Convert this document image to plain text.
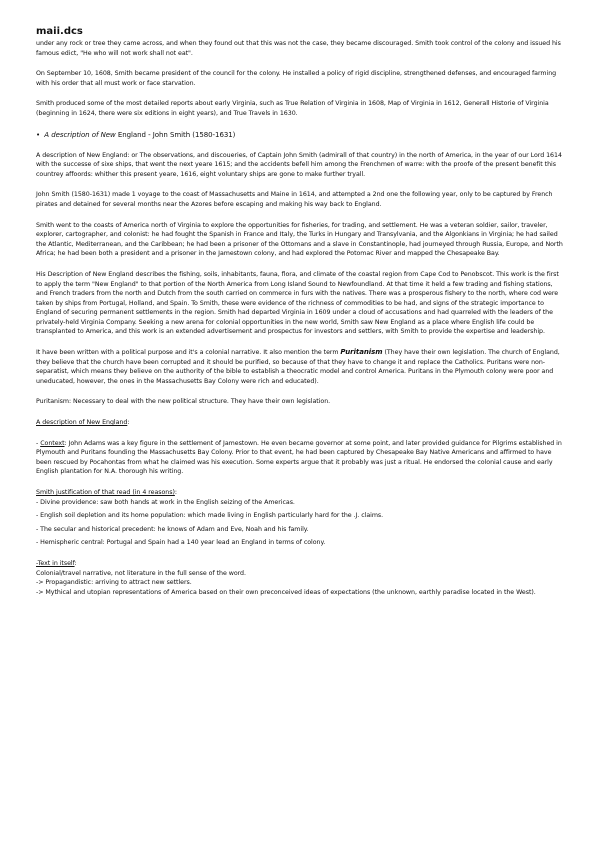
maii.dcs

under any rock or tree they came across, and when they found out that this was not the case, they became discouraged. Smith took control of the colony and issued his famous edict, "He who will not work shall not eat".

On September 10, 1608, Smith became president of the council for the colony. He installed a policy of rigid discipline, strengthened defenses, and encouraged farming with his order that all must work or face starvation.

Smith produced some of the most detailed reports about early Virginia, such as True Relation of Virginia in 1608, Map of Virginia in 1612, Generall Historie of Virginia (beginning in 1624, there were six editions in eight years), and True Travels in 1630.

• A description of New England - John Smith (1580-1631)

A description of New England: or The observations, and discoueries, of Captain John Smith (admirall of that country) in the north of America, in the year of our Lord 1614 with the successe of sixe ships, that went the next yeare 1615; and the accidents befell him among the Frenchmen of warre: with the proofe of the present benefit this countrey affoords: whither this present yeare, 1616, eight voluntary ships are gone to make further tryall.

John Smith (1580-1631) made 1 voyage to the coast of Massachusetts and Maine in 1614, and attempted a 2nd one the following year, only to be captured by French pirates and detained for several months near the Azores before escaping and making his way back to England.

Smith went to the coasts of America north of Virginia to explore the opportunities for fisheries, for trading, and settlement. He was a veteran soldier, sailor, traveler, explorer, cartographer, and colonist: he had fought the Spanish in France and Italy, the Turks in Hungary and Transylvania, and the Algonkians in Virginia; he had sailed the Atlantic, Mediterranean, and the Caribbean; he had been a prisoner of the Ottomans and a slave in Constantinople, had journeyed through Russia, Europe, and North Africa; he had been both a president and a prisoner in the Jamestown colony, and had explored the Potomac River and mapped the Chesapeake Bay.

His Description of New England describes the fishing, soils, inhabitants, fauna, flora, and climate of the coastal region from Cape Cod to Penobscot. This work is the first to apply the term "New England" to that portion of the North America from Long Island Sound to Newfoundland. At that time it held a few trading and fishing stations, and French traders from the north and Dutch from the south carried on commerce in furs with the natives. There was a prosperous fishery to the north, where cod were taken by ships from Portugal, Holland, and Spain. To Smith, these were evidence of the richness of commodities to be had, and signs of the strategic importance to England of securing permanent settlements in the region. Smith had departed Virginia in 1609 under a cloud of accusations and had quarreled with the leaders of the privately-held Virginia Company. Seeking a new arena for colonial opportunities in the new world, Smith saw New England as a place where English life could be transplanted to America, and this work is an extended advertisement and prospectus for investors and settlers, with Smith to provide the expertise and leadership.

It have been written with a political purpose and it's a colonial narrative. It also mention the term Puritanism (They have their own legislation. The church of England, they believe that the church have been corrupted and it should be purified, so because of that they have to change it and replace the Catholics. Puritans were non-separatist, which means they believe on the authority of the bible to establish a theocratic model and control America. Puritans in the Plymouth colony were poor and uneducated, however, the ones in the Massachusetts Bay Colony were rich and educated).

Puritanism: Necessary to deal with the new political structure. They have their own legislation.

A description of New England:

- Context: John Adams was a key figure in the settlement of Jamestown. He even became governor at some point, and later provided guidance for Pilgrims established in Plymouth and Puritans founding the Massachusetts Bay Colony. Prior to that event, he had been captured by Chesapeake Bay Native Americans and affirmed to have been rescued by Pocahontas from what he claimed was his execution. Some experts argue that it probably was just a ritual. He endorsed the colonial cause and early English plantation for N.A. thorough his writing.

Smith justification of that read (in 4 reasons):

- Divine providence: saw both hands at work in the English seizing of the Americas.

- English soil depletion and its home population: which made living in English particularly hard for the .J. claims.

- The secular and historical precedent: he knows of Adam and Eve, Noah and his family.

- Hemispheric central: Portugal and Spain had a 140 year lead an England in terms of colony.

-Text in itself:

Colonial/travel narrative, not literature in the full sense of the word.

-> Propagandistic: arriving to attract new settlers.

-> Mythical and utopian representations of America based on their own preconceived ideas of expectations (the unknown, earthly paradise located in the West).
